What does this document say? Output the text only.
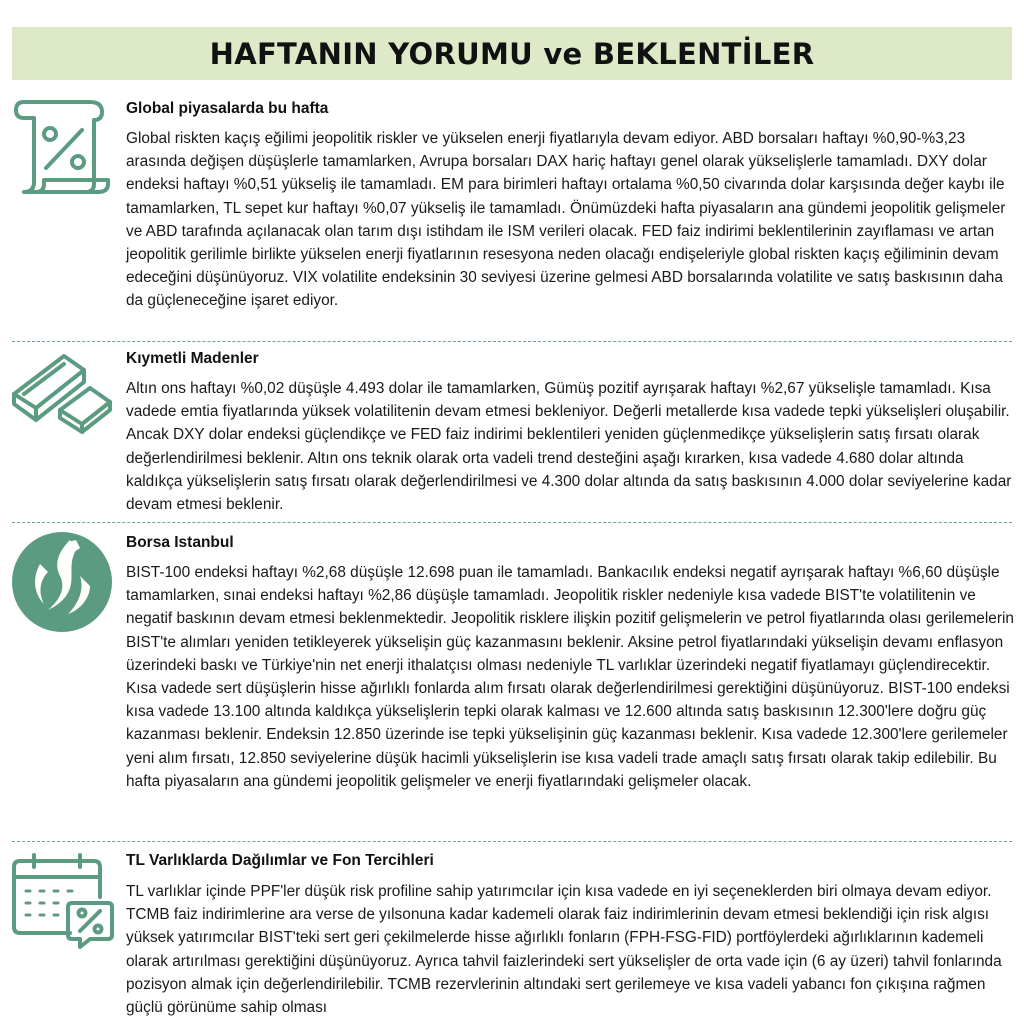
HAFTANIN YORUMU ve BEKLENTİLER
Global piyasalarda bu hafta

Global riskten kaçış eğilimi jeopolitik riskler ve yükselen enerji fiyatlarıyla devam ediyor. ABD borsaları haftayı %0,90-%3,23 arasında değişen düşüşlerle tamamlarken, Avrupa borsaları DAX hariç haftayı genel olarak yükselişlerle tamamladı. DXY dolar endeksi haftayı %0,51 yükseliş ile tamamladı. EM para birimleri haftayı ortalama %0,50 civarında dolar karşısında değer kaybı ile tamamlarken, TL sepet kur haftayı %0,07 yükseliş ile tamamladı. Önümüzdeki hafta piyasaların ana gündemi jeopolitik gelişmeler ve ABD tarafında açılanacak olan tarım dışı istihdam ile ISM verileri olacak. FED faiz indirimi beklentilerinin zayıflaması ve artan jeopolitik gerilimle birlikte yükselen enerji fiyatlarının resesyona neden olacağı endişeleriyle global riskten kaçış eğiliminin devam edeceğini düşünüyoruz. VIX volatilite endeksinin 30 seviyesi üzerine gelmesi ABD borsalarında volatilite ve satış baskısının daha da güçleneceğine işaret ediyor.

Kıymetli Madenler

Altın ons haftayı %0,02 düşüşle 4.493 dolar ile tamamlarken, Gümüş pozitif ayrışarak haftayı %2,67 yükselişle tamamladı. Kısa vadede emtia fiyatlarında yüksek volatilitenin devam etmesi bekleniyor. Değerli metallerde kısa vadede tepki yükselişleri oluşabilir. Ancak DXY dolar endeksi güçlendikçe ve FED faiz indirimi beklentileri yeniden güçlenmedikçe yükselişlerin satış fırsatı olarak değerlendirilmesi beklenir. Altın ons teknik olarak orta vadeli trend desteğini aşağı kırarken, kısa vadede 4.680 dolar altında kaldıkça yükselişlerin satış fırsatı olarak değerlendirilmesi ve 4.300 dolar altında da satış baskısının 4.000 dolar seviyelerine kadar devam etmesi beklenir.

Borsa Istanbul

BIST-100 endeksi haftayı %2,68 düşüşle 12.698 puan ile tamamladı. Bankacılık endeksi negatif ayrışarak haftayı %6,60 düşüşle tamamlarken, sınai endeksi haftayı %2,86 düşüşle tamamladı. Jeopolitik riskler nedeniyle kısa vadede BIST'te volatilitenin ve negatif baskının devam etmesi beklenmektedir. Jeopolitik risklere ilişkin pozitif gelişmelerin ve petrol fiyatlarında olası gerilemelerin BIST'te alımları yeniden tetikleyerek yükselişin güç kazanmasını beklenir. Aksine petrol fiyatlarındaki yükselişin devamı enflasyon üzerindeki baskı ve Türkiye'nin net enerji ithalatçısı olması nedeniyle TL varlıklar üzerindeki negatif fiyatlamayı güçlendirecektir. Kısa vadede sert düşüşlerin hisse ağırlıklı fonlarda alım fırsatı olarak değerlendirilmesi gerektiğini düşünüyoruz. BIST-100 endeksi kısa vadede 13.100 altında kaldıkça yükselişlerin tepki olarak kalması ve 12.600 altında satış baskısının 12.300'lere doğru güç kazanması beklenir. Endeksin 12.850 üzerinde ise tepki yükselişinin güç kazanması beklenir. Kısa vadede 12.300'lere gerilemeler yeni alım fırsatı, 12.850 seviyelerine düşük hacimli yükselişlerin ise kısa vadeli trade amaçlı satış fırsatı olarak takip edilebilir. Bu hafta piyasaların ana gündemi jeopolitik gelişmeler ve enerji fiyatlarındaki gelişmeler olacak.

TL Varlıklarda Dağılımlar ve Fon Tercihleri

TL varlıklar içinde PPF'ler düşük risk profiline sahip yatırımcılar için kısa vadede en iyi seçeneklerden biri olmaya devam ediyor. TCMB faiz indirimlerine ara verse de yılsonuna kadar kademeli olarak faiz indirimlerinin devam etmesi beklendiği için risk algısı yüksek yatırımcılar BIST'teki sert geri çekilmelerde hisse ağırlıklı fonların (FPH-FSG-FID) portföylerdeki ağırlıklarının kademeli olarak artırılması gerektiğini düşünüyoruz. Ayrıca tahvil faizlerindeki sert yükselişler de orta vade için (6 ay üzeri) tahvil fonlarında pozisyon almak için değerlendirilebilir. TCMB rezervlerinin altındaki sert gerilemeye ve kısa vadeli yabancı fon çıkışına rağmen güçlü görünüme sahip olması
